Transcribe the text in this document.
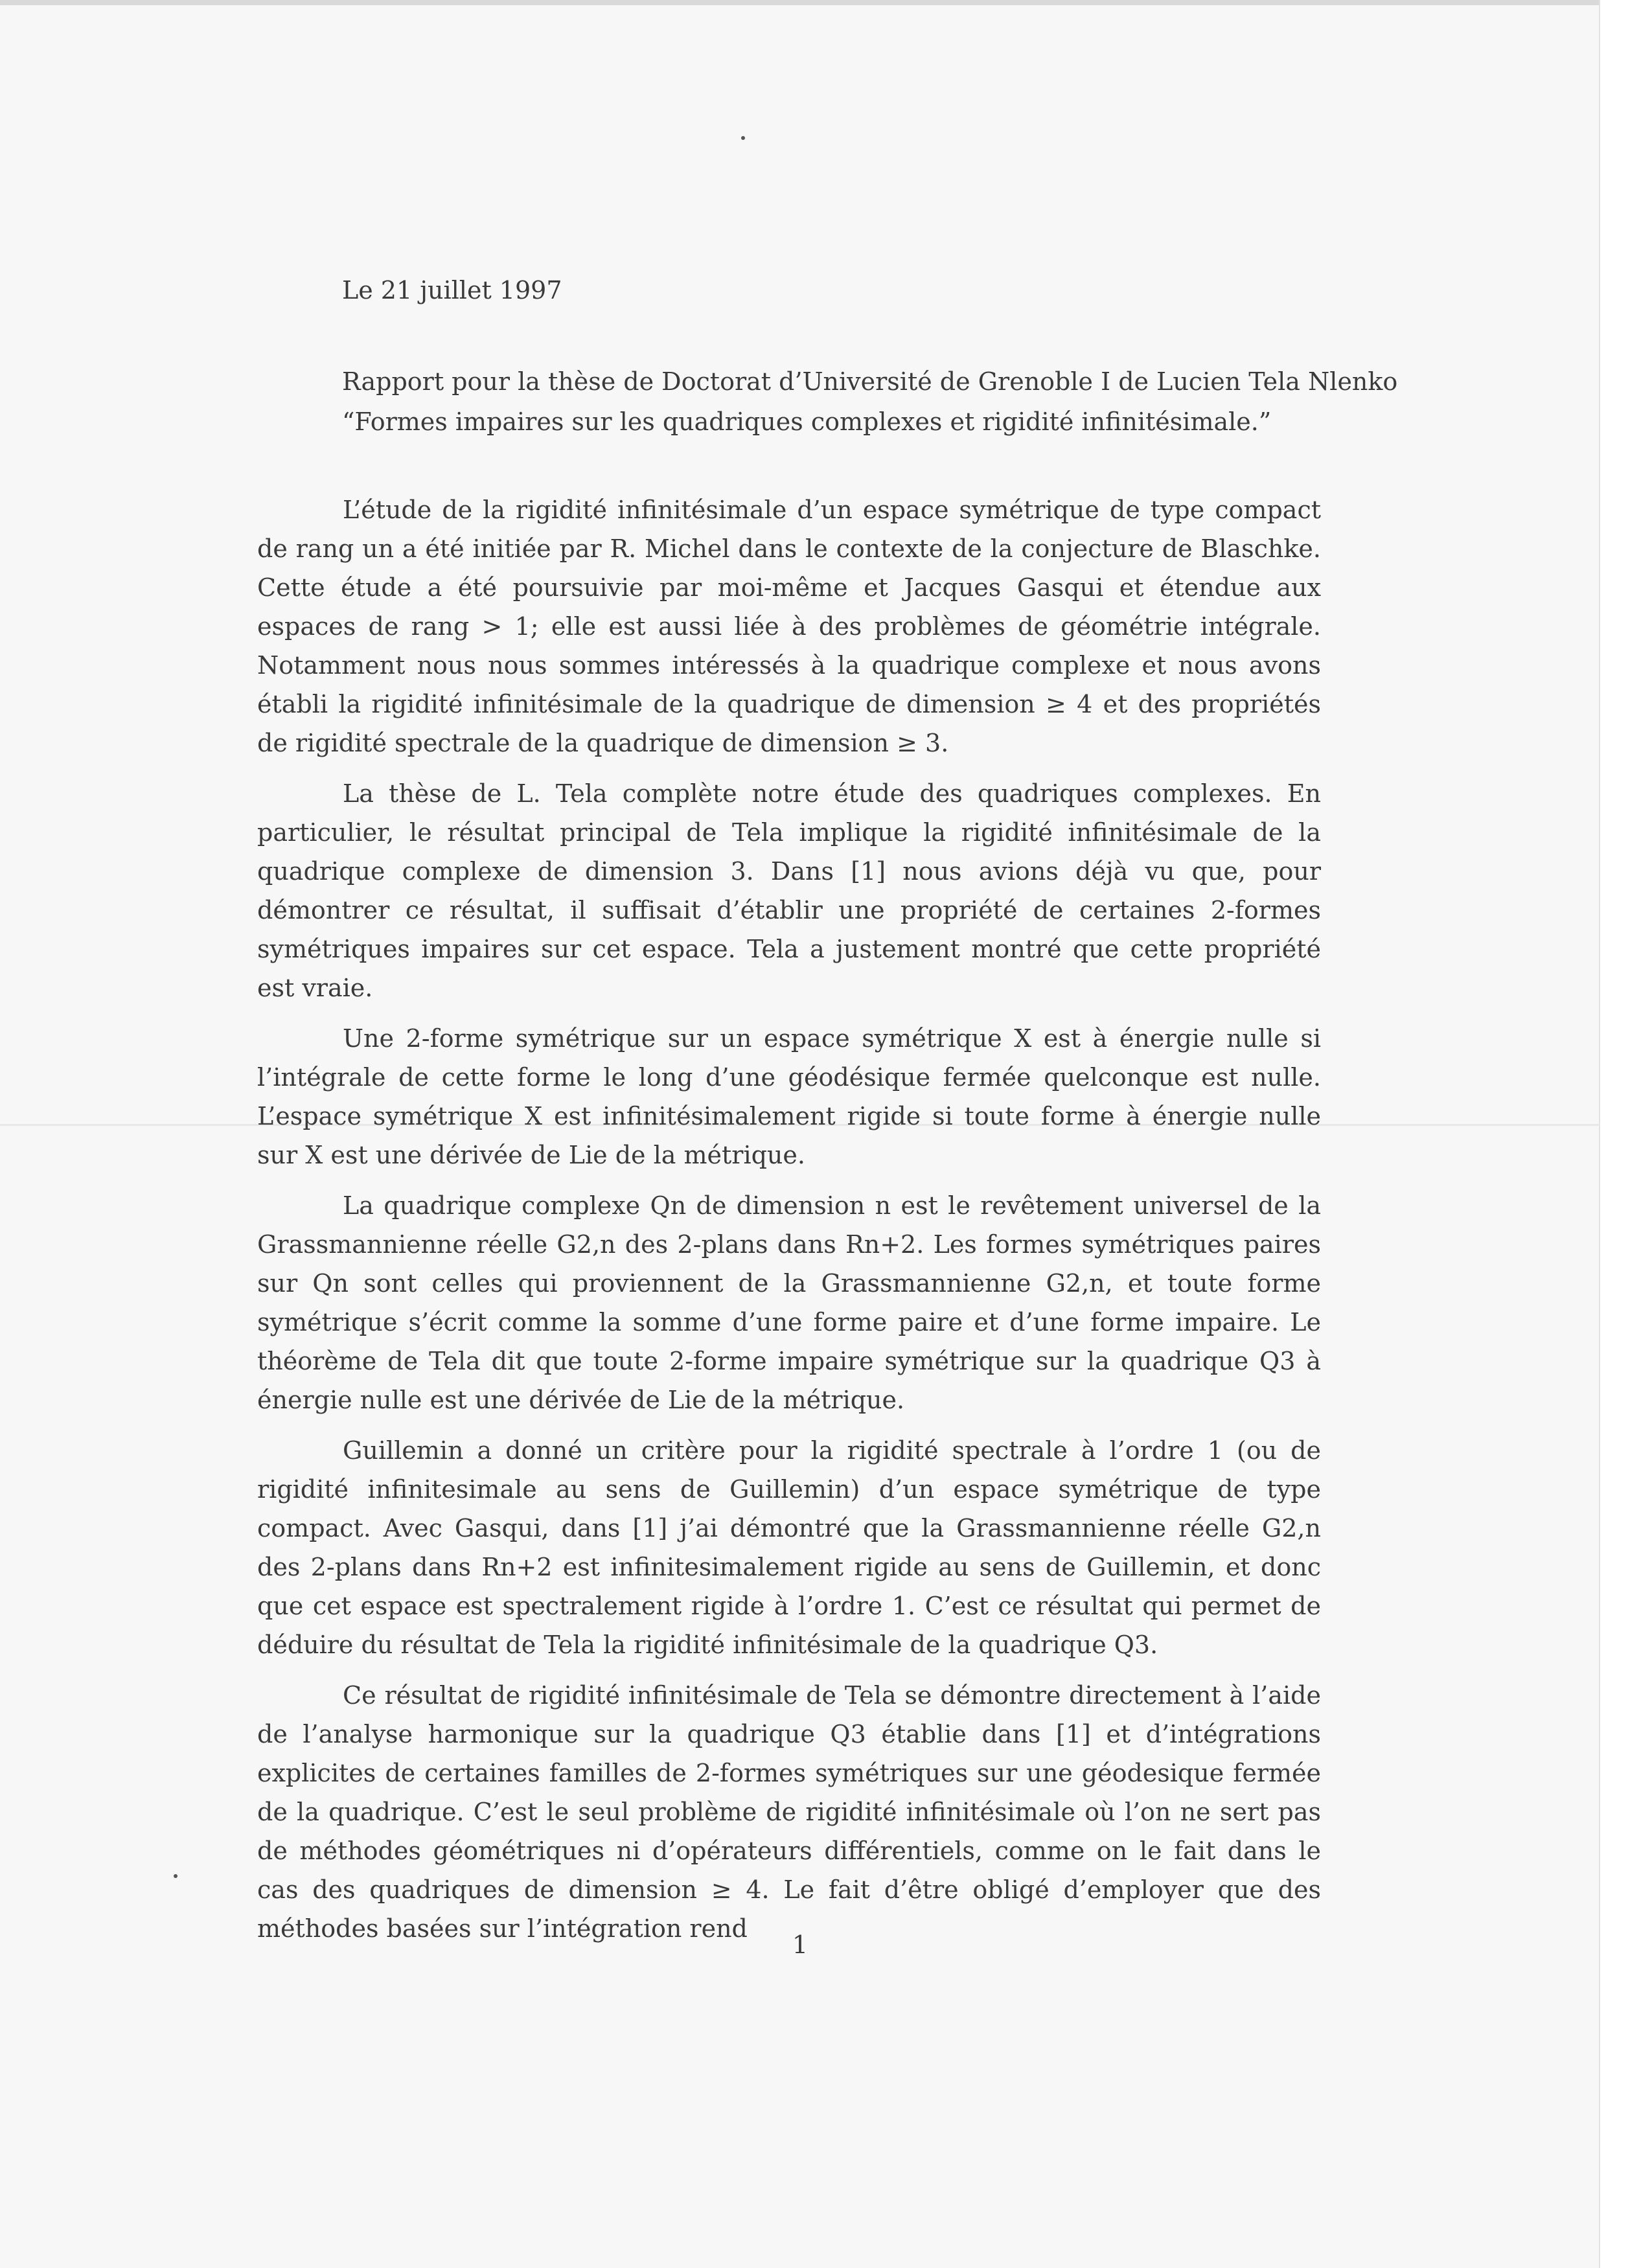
Le 21 juillet 1997

Rapport pour la thèse de Doctorat d’Université de Grenoble I de Lucien Tela Nlenko

“Formes impaires sur les quadriques complexes et rigidité infinitésimale.”

L’étude de la rigidité infinitésimale d’un espace symétrique de type compact de rang un a été initiée par R. Michel dans le contexte de la conjecture de Blaschke. Cette étude a été poursuivie par moi-même et Jacques Gasqui et étendue aux espaces de rang > 1; elle est aussi liée à des problèmes de géométrie intégrale. Notamment nous nous sommes intéressés à la quadrique complexe et nous avons établi la rigidité infinitésimale de la quadrique de dimension ≥ 4 et des propriétés de rigidité spectrale de la quadrique de dimension ≥ 3.

La thèse de L. Tela complète notre étude des quadriques complexes. En particulier, le résultat principal de Tela implique la rigidité infinitésimale de la quadrique complexe de dimension 3. Dans [1] nous avions déjà vu que, pour démontrer ce résultat, il suffisait d’établir une propriété de certaines 2-formes symétriques impaires sur cet espace. Tela a justement montré que cette propriété est vraie.

Une 2-forme symétrique sur un espace symétrique X est à énergie nulle si l’intégrale de cette forme le long d’une géodésique fermée quelconque est nulle. L’espace symétrique X est infinitésimalement rigide si toute forme à énergie nulle sur X est une dérivée de Lie de la métrique.

La quadrique complexe Qn de dimension n est le revêtement universel de la Grassmannienne réelle G2,n des 2-plans dans Rn+2. Les formes symétriques paires sur Qn sont celles qui proviennent de la Grassmannienne G2,n, et toute forme symétrique s’écrit comme la somme d’une forme paire et d’une forme impaire. Le théorème de Tela dit que toute 2-forme impaire symétrique sur la quadrique Q3 à énergie nulle est une dérivée de Lie de la métrique.

Guillemin a donné un critère pour la rigidité spectrale à l’ordre 1 (ou de rigidité infinitesimale au sens de Guillemin) d’un espace symétrique de type compact. Avec Gasqui, dans [1] j’ai démontré que la Grassmannienne réelle G2,n des 2-plans dans Rn+2 est infinitesimalement rigide au sens de Guillemin, et donc que cet espace est spectralement rigide à l’ordre 1. C’est ce résultat qui permet de déduire du résultat de Tela la rigidité infinitésimale de la quadrique Q3.

Ce résultat de rigidité infinitésimale de Tela se démontre directement à l’aide de l’analyse harmonique sur la quadrique Q3 établie dans [1] et d’intégrations explicites de certaines familles de 2-formes symétriques sur une géodesique fermée de la quadrique. C’est le seul problème de rigidité infinitésimale où l’on ne sert pas de méthodes géométriques ni d’opérateurs différentiels, comme on le fait dans le cas des quadriques de dimension ≥ 4. Le fait d’être obligé d’employer que des méthodes basées sur l’intégration rend

1
